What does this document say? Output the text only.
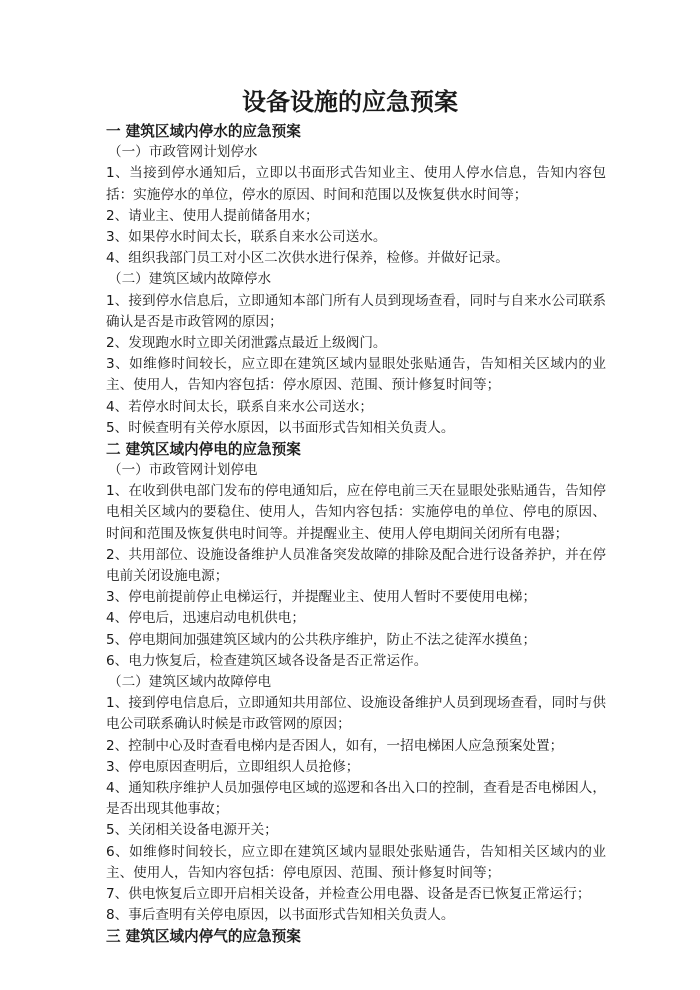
设备设施的应急预案
一 建筑区域内停水的应急预案
（一）市政管网计划停水
1、当接到停水通知后，立即以书面形式告知业主、使用人停水信息，告知内容包括：实施停水的单位，停水的原因、时间和范围以及恢复供水时间等；
2、请业主、使用人提前储备用水；
3、如果停水时间太长，联系自来水公司送水。
4、组织我部门员工对小区二次供水进行保养，检修。并做好记录。
（二）建筑区域内故障停水
1、接到停水信息后，立即通知本部门所有人员到现场查看，同时与自来水公司联系确认是否是市政管网的原因；
2、发现跑水时立即关闭泄露点最近上级阀门。
3、如维修时间较长，应立即在建筑区域内显眼处张贴通告，告知相关区域内的业主、使用人，告知内容包括：停水原因、范围、预计修复时间等；
4、若停水时间太长，联系自来水公司送水；
5、时候查明有关停水原因，以书面形式告知相关负责人。
二 建筑区域内停电的应急预案
（一）市政管网计划停电
1、在收到供电部门发布的停电通知后，应在停电前三天在显眼处张贴通告，告知停电相关区域内的要稳住、使用人，告知内容包括：实施停电的单位、停电的原因、时间和范围及恢复供电时间等。并提醒业主、使用人停电期间关闭所有电器；
2、共用部位、设施设备维护人员准备突发故障的排除及配合进行设备养护，并在停电前关闭设施电源；
3、停电前提前停止电梯运行，并提醒业主、使用人暂时不要使用电梯；
4、停电后，迅速启动电机供电；
5、停电期间加强建筑区域内的公共秩序维护，防止不法之徒浑水摸鱼；
6、电力恢复后，检查建筑区域各设备是否正常运作。
（二）建筑区域内故障停电
1、接到停电信息后，立即通知共用部位、设施设备维护人员到现场查看，同时与供电公司联系确认时候是市政管网的原因；
2、控制中心及时查看电梯内是否困人，如有，一招电梯困人应急预案处置；
3、停电原因查明后，立即组织人员抢修；
4、通知秩序维护人员加强停电区域的巡逻和各出入口的控制，查看是否电梯困人，是否出现其他事故；
5、关闭相关设备电源开关；
6、如维修时间较长，应立即在建筑区域内显眼处张贴通告，告知相关区域内的业主、使用人，告知内容包括：停电原因、范围、预计修复时间等；
7、供电恢复后立即开启相关设备，并检查公用电器、设备是否已恢复正常运行；
8、事后查明有关停电原因，以书面形式告知相关负责人。
三 建筑区域内停气的应急预案
